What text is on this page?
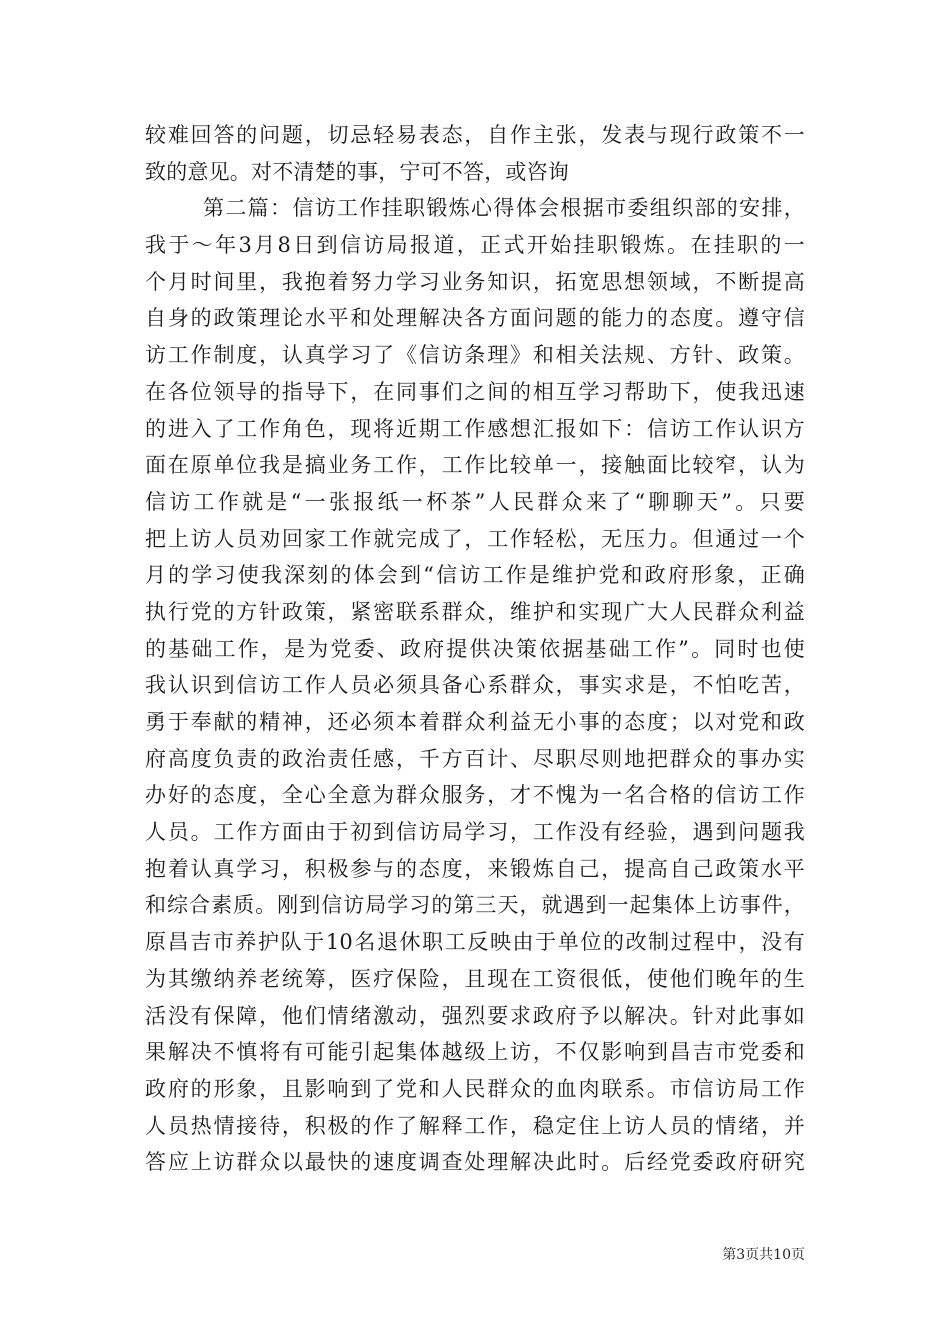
较难回答的问题，切忌轻易表态，自作主张，发表与现行政策不一
致的意见。对不清楚的事，宁可不答，或咨询
第二篇：信访工作挂职锻炼心得体会根据市委组织部的安排，
我于～年3月8日到信访局报道，正式开始挂职锻炼。在挂职的一
个月时间里，我抱着努力学习业务知识，拓宽思想领域，不断提高
自身的政策理论水平和处理解决各方面问题的能力的态度。遵守信
访工作制度，认真学习了《信访条理》和相关法规、方针、政策。
在各位领导的指导下，在同事们之间的相互学习帮助下，使我迅速
的进入了工作角色，现将近期工作感想汇报如下：信访工作认识方
面在原单位我是搞业务工作，工作比较单一，接触面比较窄，认为
信访工作就是“一张报纸一杯茶”人民群众来了“聊聊天”。只要
把上访人员劝回家工作就完成了，工作轻松，无压力。但通过一个
月的学习使我深刻的体会到“信访工作是维护党和政府形象，正确
执行党的方针政策，紧密联系群众，维护和实现广大人民群众利益
的基础工作，是为党委、政府提供决策依据基础工作”。同时也使
我认识到信访工作人员必须具备心系群众，事实求是，不怕吃苦，
勇于奉献的精神，还必须本着群众利益无小事的态度；以对党和政
府高度负责的政治责任感，千方百计、尽职尽则地把群众的事办实
办好的态度，全心全意为群众服务，才不愧为一名合格的信访工作
人员。工作方面由于初到信访局学习，工作没有经验，遇到问题我
抱着认真学习，积极参与的态度，来锻炼自己，提高自己政策水平
和综合素质。刚到信访局学习的第三天，就遇到一起集体上访事件，
原昌吉市养护队于10名退休职工反映由于单位的改制过程中，没有
为其缴纳养老统筹，医疗保险，且现在工资很低，使他们晚年的生
活没有保障，他们情绪激动，强烈要求政府予以解决。针对此事如
果解决不慎将有可能引起集体越级上访，不仅影响到昌吉市党委和
政府的形象，且影响到了党和人民群众的血肉联系。市信访局工作
人员热情接待，积极的作了解释工作，稳定住上访人员的情绪，并
答应上访群众以最快的速度调查处理解决此时。后经党委政府研究
第3页共10页
